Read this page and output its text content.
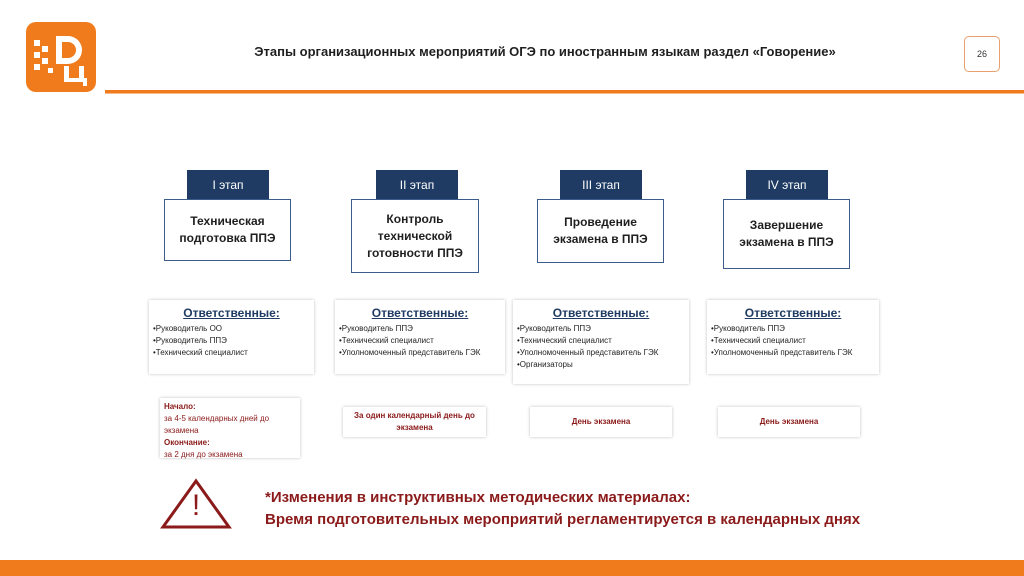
Этапы организационных мероприятий ОГЭ по иностранным языкам раздел «Говорение»	26
I этап
Техническая подготовка ППЭ
II этап
Контроль технической готовности ППЭ
III этап
Проведение экзамена в ППЭ
IV этап
Завершение экзамена в ППЭ
Ответственные:
•Руководитель ОО
•Руководитель ППЭ
•Технический специалист
Ответственные:
•Руководитель ППЭ
•Технический специалист
•Уполномоченный представитель ГЭК
Ответственные:
•Руководитель ППЭ
•Технический специалист
•Уполномоченный представитель ГЭК
•Организаторы
Ответственные:
•Руководитель ППЭ
•Технический специалист
•Уполномоченный представитель ГЭК
Начало:
за 4-5 календарных дней до экзамена
Окончание:
за 2 дня до экзамена
За один календарный день до экзамена
День экзамена	День экзамена
!	*Изменения в инструктивных методических материалах:
Время подготовительных мероприятий регламентируется в календарных днях
